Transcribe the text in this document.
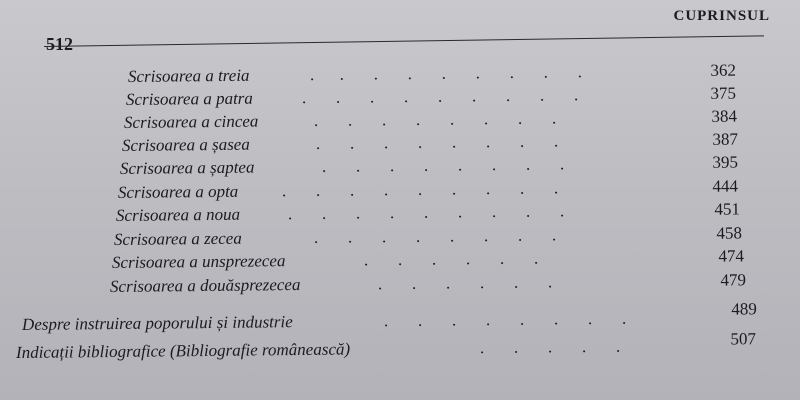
CUPRINSUL
512
Scrisoarea a treia	.      .       .       .       .       .       .       .       .	362
Scrisoarea a patra	.       .       .       .       .       .       .       .       .	375
Scrisoarea a cincea	.       .       .       .       .       .       .       .	384
Scrisoarea a șasea	.       .       .       .       .       .       .       .	387
Scrisoarea a șaptea	.       .       .       .       .       .       .       .	395
Scrisoarea a opta	.       .       .       .       .       .       .       .       .	444
Scrisoarea a noua	.       .       .       .       .       .       .       .       .	451
Scrisoarea a zecea	.       .       .       .       .       .       .       .	458
Scrisoarea a unsprezecea	.       .       .       .       .       .	474
Scrisoarea a douăsprezecea	.       .       .       .       .       .	479
Despre instruirea poporului și industrie	.       .       .       .       .       .       .       .	489
Indicații bibliografice (Bibliografie românească)	.       .       .       .       .	507
